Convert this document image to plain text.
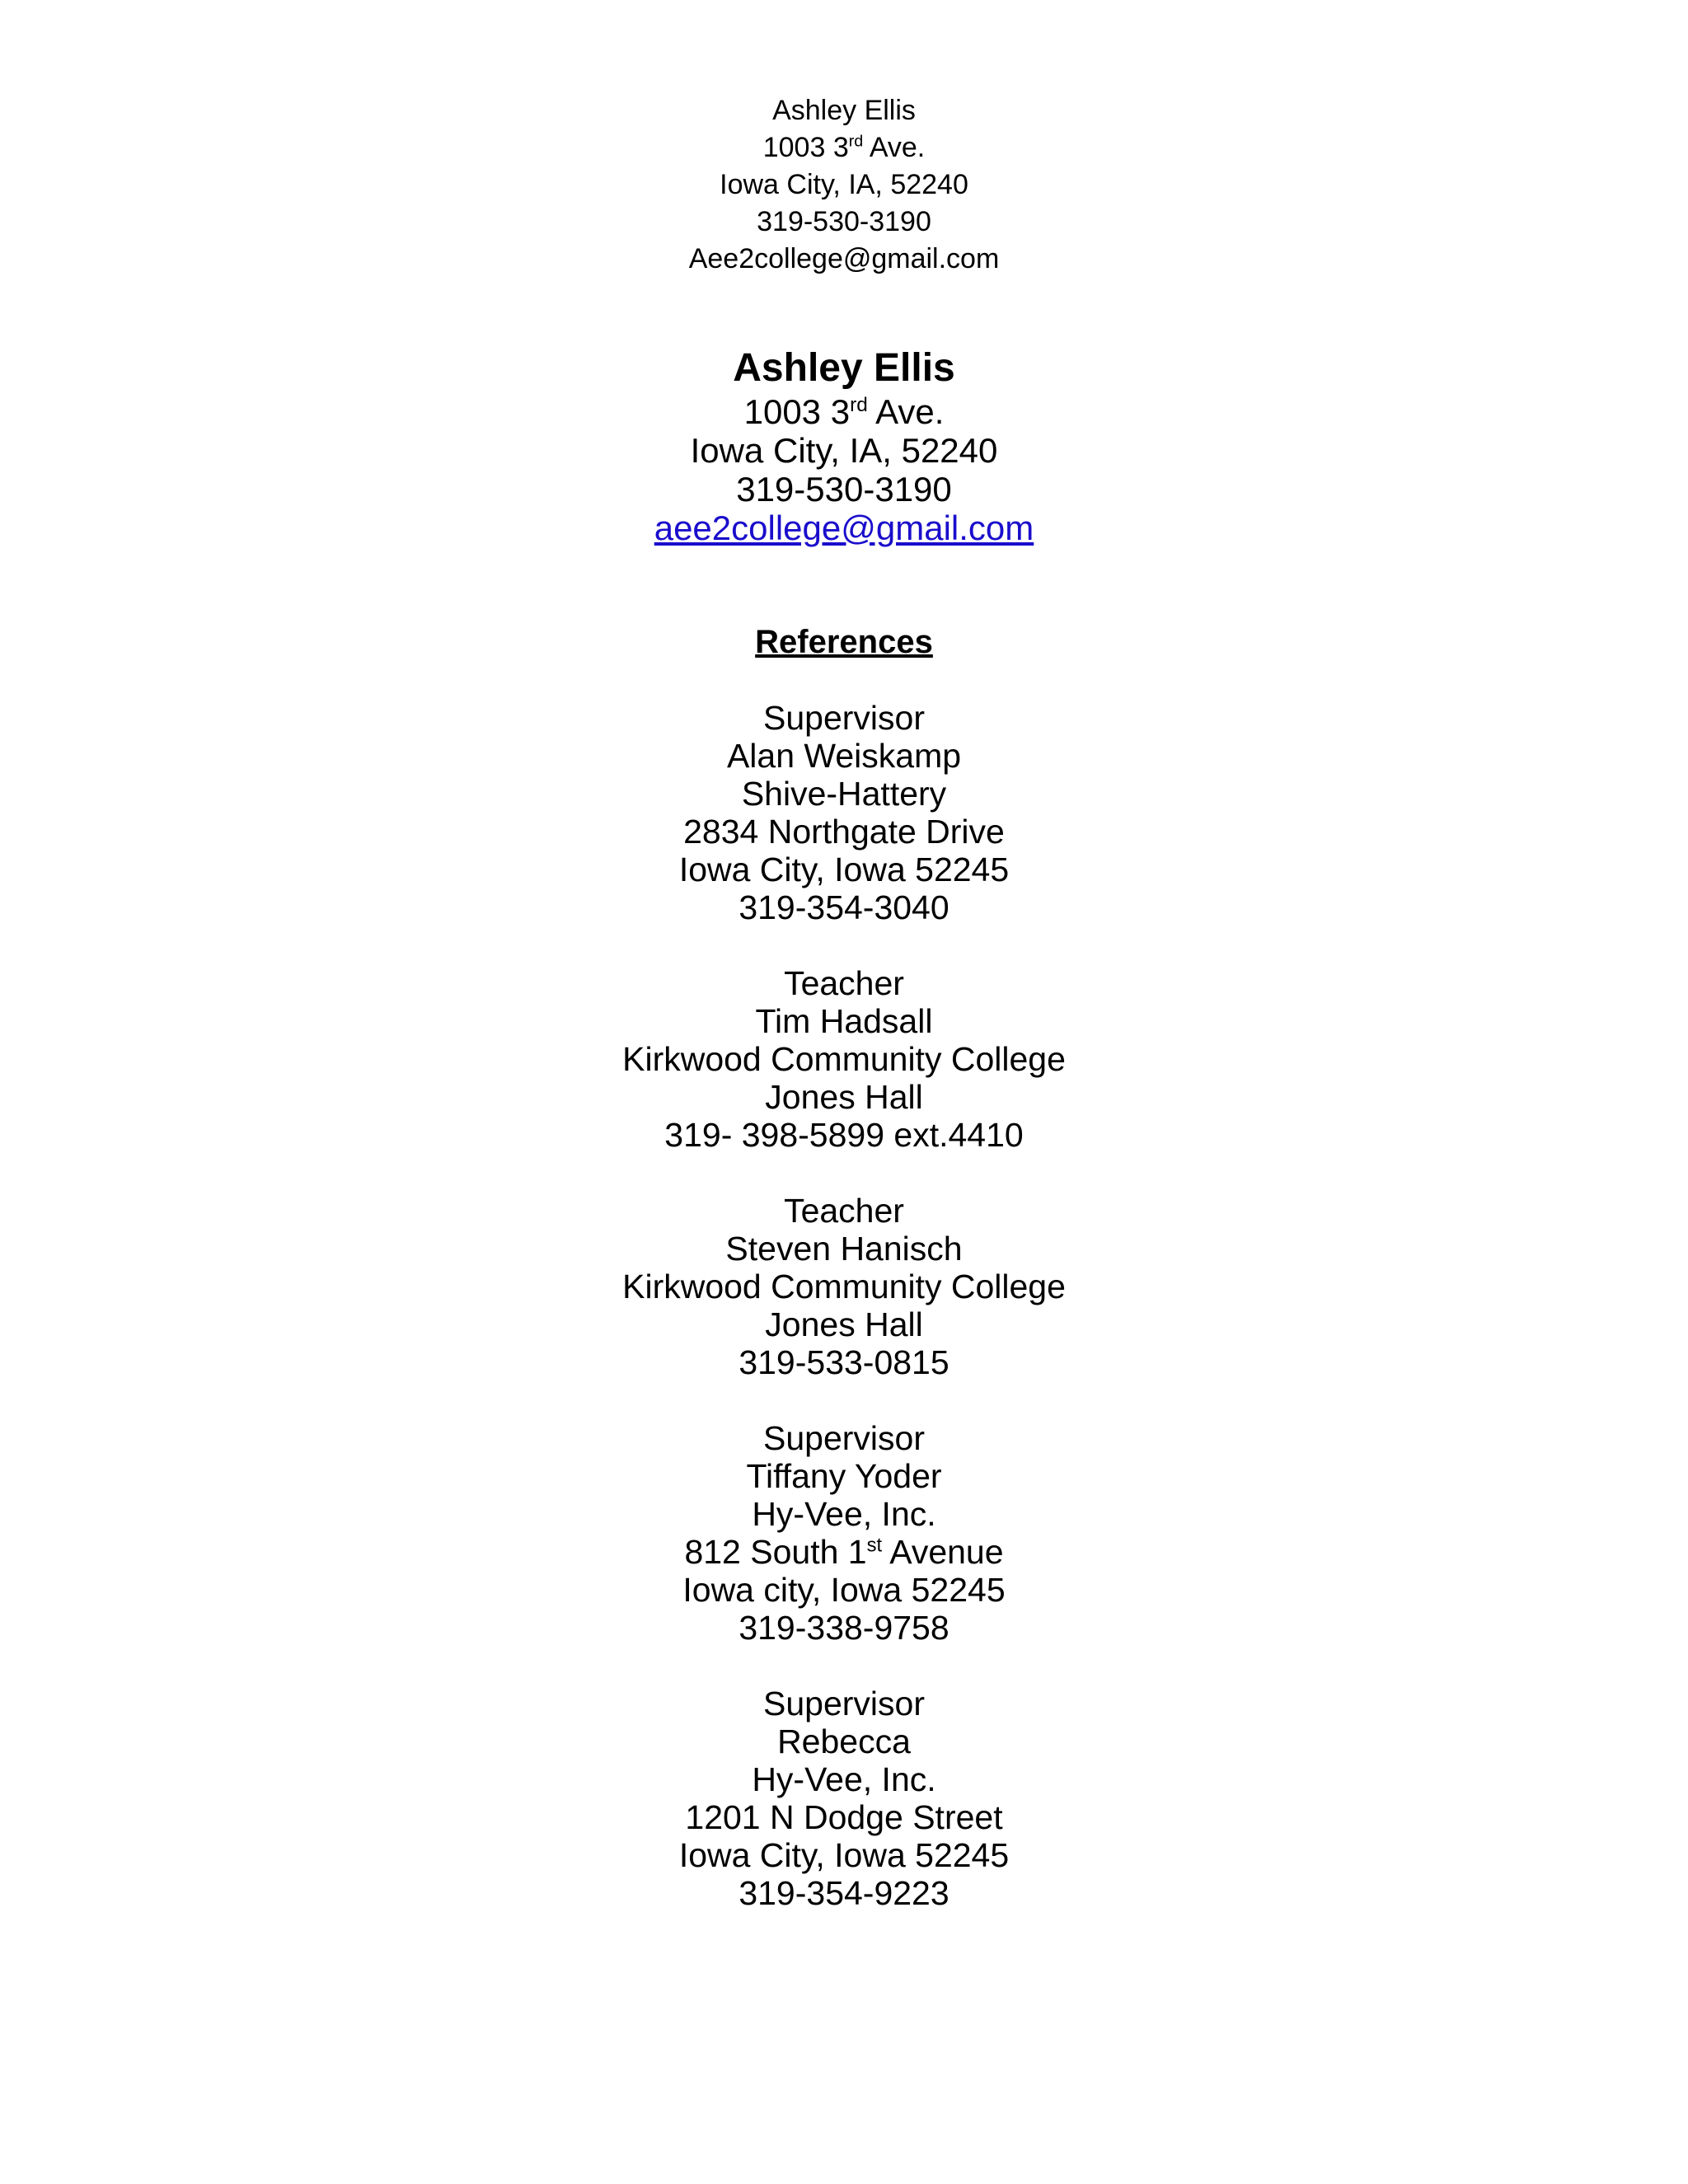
Ashley Ellis
1003 3rd Ave.
Iowa City, IA, 52240
319-530-3190
Aee2college@gmail.com
Ashley Ellis
1003 3rd Ave.
Iowa City, IA, 52240
319-530-3190
aee2college@gmail.com
References
Supervisor
Alan Weiskamp
Shive-Hattery
2834 Northgate Drive
Iowa City, Iowa 52245
319-354-3040
Teacher
Tim Hadsall
Kirkwood Community College
Jones Hall
319- 398-5899 ext.4410
Teacher
Steven Hanisch
Kirkwood Community College
Jones Hall
319-533-0815
Supervisor
Tiffany Yoder
Hy-Vee, Inc.
812 South 1st Avenue
Iowa city, Iowa 52245
319-338-9758
Supervisor
Rebecca
Hy-Vee, Inc.
1201 N Dodge Street
Iowa City, Iowa 52245
319-354-9223
